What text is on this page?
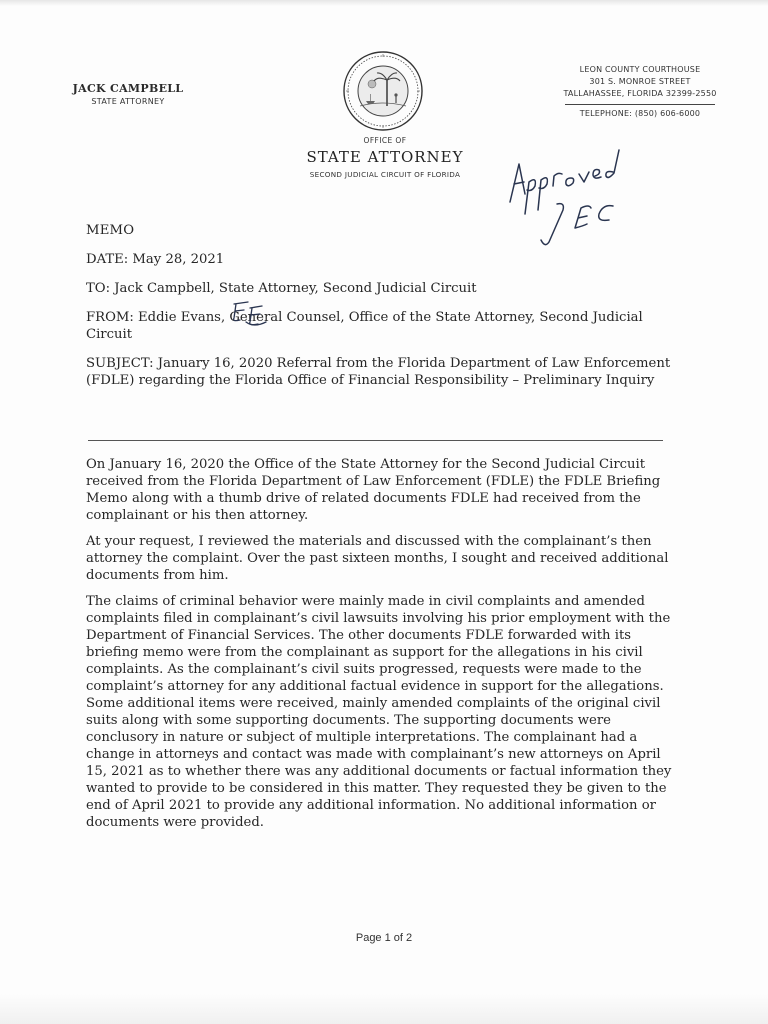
JACK CAMPBELL
STATE ATTORNEY
OFFICE OF
STATE ATTORNEY
SECOND JUDICIAL CIRCUIT OF FLORIDA
LEON COUNTY COURTHOUSE
301 S. MONROE STREET
TALLAHASSEE, FLORIDA 32399-2550
TELEPHONE: (850) 606-6000
MEMO
DATE: May 28, 2021
TO: Jack Campbell, State Attorney, Second Judicial Circuit
FROM: Eddie Evans, General Counsel, Office of the State Attorney, Second Judicial Circuit
SUBJECT: January 16, 2020 Referral from the Florida Department of Law Enforcement (FDLE) regarding the Florida Office of Financial Responsibility – Preliminary Inquiry

On January 16, 2020 the Office of the State Attorney for the Second Judicial Circuit received from the Florida Department of Law Enforcement (FDLE) the FDLE Briefing Memo along with a thumb drive of related documents FDLE had received from the complainant or his then attorney.

At your request, I reviewed the materials and discussed with the complainant’s then attorney the complaint. Over the past sixteen months, I sought and received additional documents from him.

The claims of criminal behavior were mainly made in civil complaints and amended complaints filed in complainant’s civil lawsuits involving his prior employment with the Department of Financial Services. The other documents FDLE forwarded with its briefing memo were from the complainant as support for the allegations in his civil complaints. As the complainant’s civil suits progressed, requests were made to the complaint’s attorney for any additional factual evidence in support for the allegations. Some additional items were received, mainly amended complaints of the original civil suits along with some supporting documents. The supporting documents were conclusory in nature or subject of multiple interpretations. The complainant had a change in attorneys and contact was made with complainant’s new attorneys on April 15, 2021 as to whether there was any additional documents or factual information they wanted to provide to be considered in this matter. They requested they be given to the end of April 2021 to provide any additional information. No additional information or documents were provided.

Page 1 of 2
